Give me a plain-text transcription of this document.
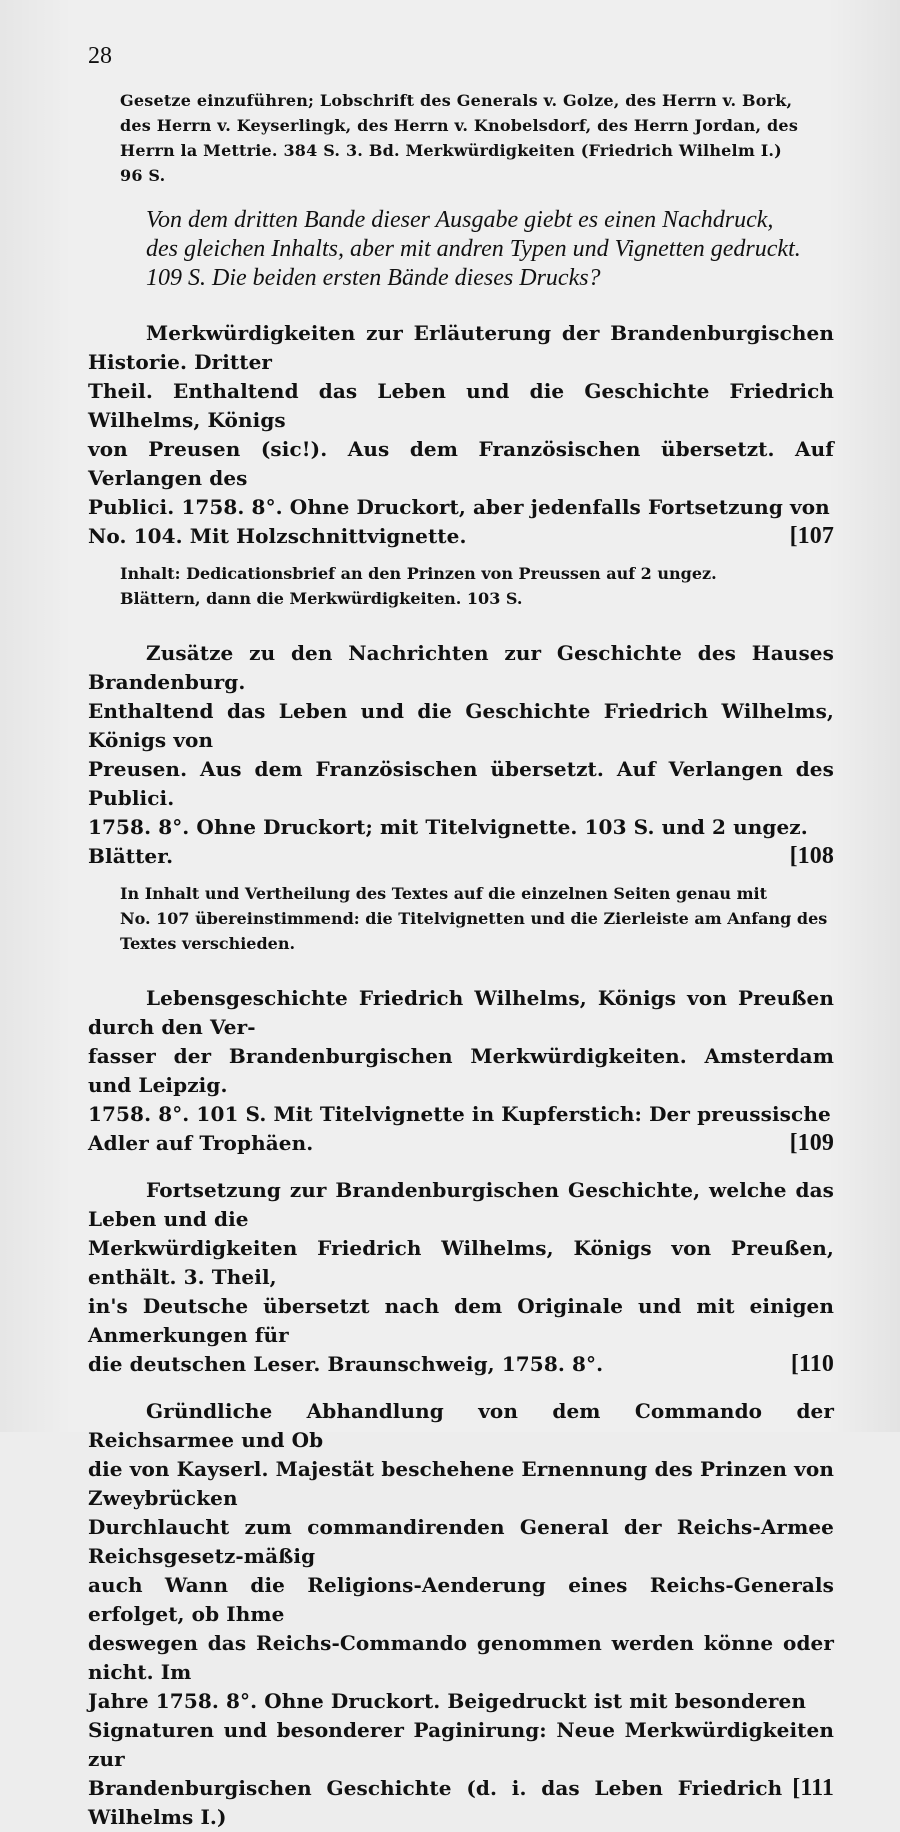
28

Gesetze einzuführen; Lobschrift des Generals v. Golze, des Herrn v. Bork,

des Herrn v. Keyserlingk, des Herrn v. Knobelsdorf, des Herrn Jordan, des

Herrn la Mettrie. 384 S. 3. Bd. Merkwürdigkeiten (Friedrich Wilhelm I.)

96 S.

Von dem dritten Bande dieser Ausgabe giebt es einen Nachdruck,
des gleichen Inhalts, aber mit andren Typen und Vignetten gedruckt.
109 S. Die beiden ersten Bände dieses Drucks?
Merkwürdigkeiten zur Erläuterung der Brandenburgischen Historie. Dritter
Theil. Enthaltend das Leben und die Geschichte Friedrich Wilhelms, Königs
von Preusen (sic!). Aus dem Französischen übersetzt. Auf Verlangen des
Publici. 1758. 8°. Ohne Druckort, aber jedenfalls Fortsetzung von
[107
No. 104. Mit Holzschnittvignette.

Inhalt: Dedicationsbrief an den Prinzen von Preussen auf 2 ungez.

Blättern, dann die Merkwürdigkeiten. 103 S.

Zusätze zu den Nachrichten zur Geschichte des Hauses Brandenburg.
Enthaltend das Leben und die Geschichte Friedrich Wilhelms, Königs von
Preusen. Aus dem Französischen übersetzt. Auf Verlangen des Publici.
1758. 8°. Ohne Druckort; mit Titelvignette. 103 S. und 2 ungez.
[108
Blätter.

In Inhalt und Vertheilung des Textes auf die einzelnen Seiten genau mit

No. 107 übereinstimmend: die Titelvignetten und die Zierleiste am Anfang des

Textes verschieden.

Lebensgeschichte Friedrich Wilhelms, Königs von Preußen durch den Ver-
fasser der Brandenburgischen Merkwürdigkeiten. Amsterdam und Leipzig.
1758. 8°. 101 S. Mit Titelvignette in Kupferstich: Der preussische
[109
Adler auf Trophäen.
Fortsetzung zur Brandenburgischen Geschichte, welche das Leben und die
Merkwürdigkeiten Friedrich Wilhelms, Königs von Preußen, enthält. 3. Theil,
in's Deutsche übersetzt nach dem Originale und mit einigen Anmerkungen für
[110
die deutschen Leser. Braunschweig, 1758. 8°.
Gründliche Abhandlung von dem Commando der Reichsarmee und Ob
die von Kayserl. Majestät beschehene Ernennung des Prinzen von Zweybrücken
Durchlaucht zum commandirenden General der Reichs-Armee Reichsgesetz-mäßig
auch Wann die Religions-Aenderung eines Reichs-Generals erfolget, ob Ihme
deswegen das Reichs-Commando genommen werden könne oder nicht. Im
Jahre 1758. 8°. Ohne Druckort. Beigedruckt ist mit besonderen
Signaturen und besonderer Paginirung: Neue Merkwürdigkeiten zur
[111
Brandenburgischen Geschichte (d. i. das Leben Friedrich Wilhelms I.)
